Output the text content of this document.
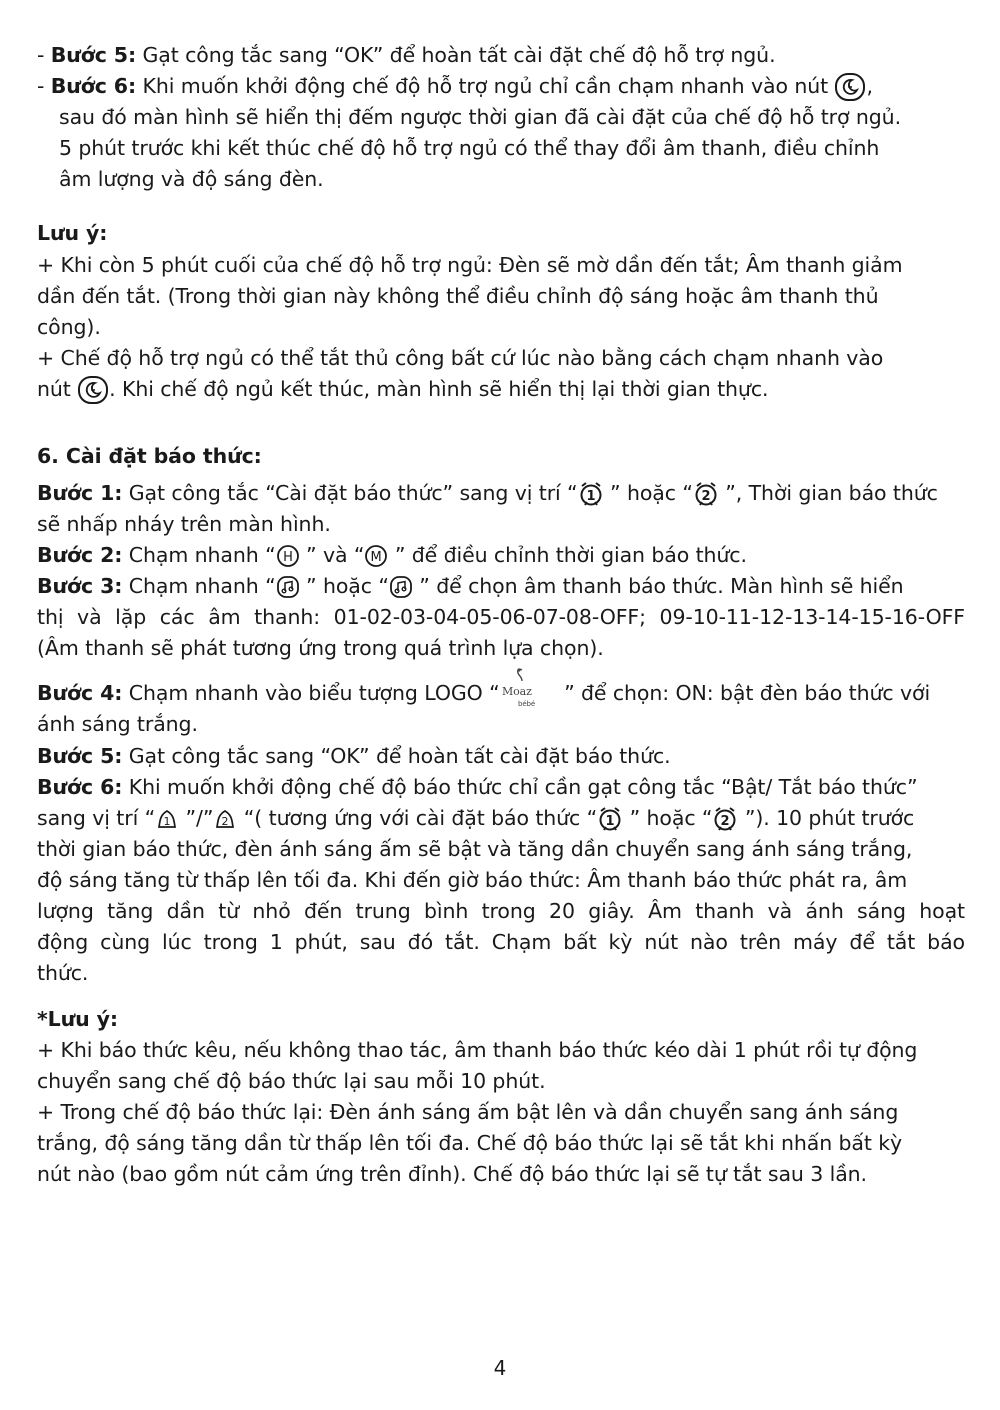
- Bước 5: Gạt công tắc sang “OK” để hoàn tất cài đặt chế độ hỗ trợ ngủ.
- Bước 6: Khi muốn khởi động chế độ hỗ trợ ngủ chỉ cần chạm nhanh vào nút ,
sau đó màn hình sẽ hiển thị đếm ngược thời gian đã cài đặt của chế độ hỗ trợ ngủ.
5 phút trước khi kết thúc chế độ hỗ trợ ngủ có thể thay đổi âm thanh, điều chỉnh
âm lượng và độ sáng đèn.
Lưu ý:
+ Khi còn 5 phút cuối của chế độ hỗ trợ ngủ: Đèn sẽ mờ dần đến tắt; Âm thanh giảm
dần đến tắt. (Trong thời gian này không thể điều chỉnh độ sáng hoặc âm thanh thủ
công).
+ Chế độ hỗ trợ ngủ có thể tắt thủ công bất cứ lúc nào bằng cách chạm nhanh vào
nút . Khi chế độ ngủ kết thúc, màn hình sẽ hiển thị lại thời gian thực.
6. Cài đặt báo thức:
Bước 1: Gạt công tắc “Cài đặt báo thức” sang vị trí “ 1 ” hoặc “ 2 ”, Thời gian báo thức
sẽ nhấp nháy trên màn hình.
Bước 2: Chạm nhanh “ H ” và “ M ” để điều chỉnh thời gian báo thức.
Bước 3: Chạm nhanh “
” hoặc “
” để chọn âm thanh báo thức. Màn hình sẽ hiển
thị và lặp các âm thanh: 01-02-03-04-05-06-07-08-OFF; 09-10-11-12-13-14-15-16-OFF
(Âm thanh sẽ phát tương ứng trong quá trình lựa chọn).
Bước 4: Chạm nhanh vào biểu tượng LOGO “ Moaz
bébé ” để chọn: ON: bật đèn báo thức với
ánh sáng trắng.
Bước 5: Gạt công tắc sang “OK” để hoàn tất cài đặt báo thức.
Bước 6: Khi muốn khởi động chế độ báo thức chỉ cần gạt công tắc “Bật/ Tắt báo thức”
sang vị trí “ 1 ”/” 2 “( tương ứng với cài đặt báo thức “ 1 ” hoặc “ 2 ”). 10 phút trước
thời gian báo thức, đèn ánh sáng ấm sẽ bật và tăng dần chuyển sang ánh sáng trắng,
độ sáng tăng từ thấp lên tối đa. Khi đến giờ báo thức: Âm thanh báo thức phát ra, âm
lượng tăng dần từ nhỏ đến trung bình trong 20 giây. Âm thanh và ánh sáng hoạt
động cùng lúc trong 1 phút, sau đó tắt. Chạm bất kỳ nút nào trên máy để tắt báo
thức.
*Lưu ý:
+ Khi báo thức kêu, nếu không thao tác, âm thanh báo thức kéo dài 1 phút rồi tự động
chuyển sang chế độ báo thức lại sau mỗi 10 phút.
+ Trong chế độ báo thức lại: Đèn ánh sáng ấm bật lên và dần chuyển sang ánh sáng
trắng, độ sáng tăng dần từ thấp lên tối đa. Chế độ báo thức lại sẽ tắt khi nhấn bất kỳ
nút nào (bao gồm nút cảm ứng trên đỉnh). Chế độ báo thức lại sẽ tự tắt sau 3 lần.
4
